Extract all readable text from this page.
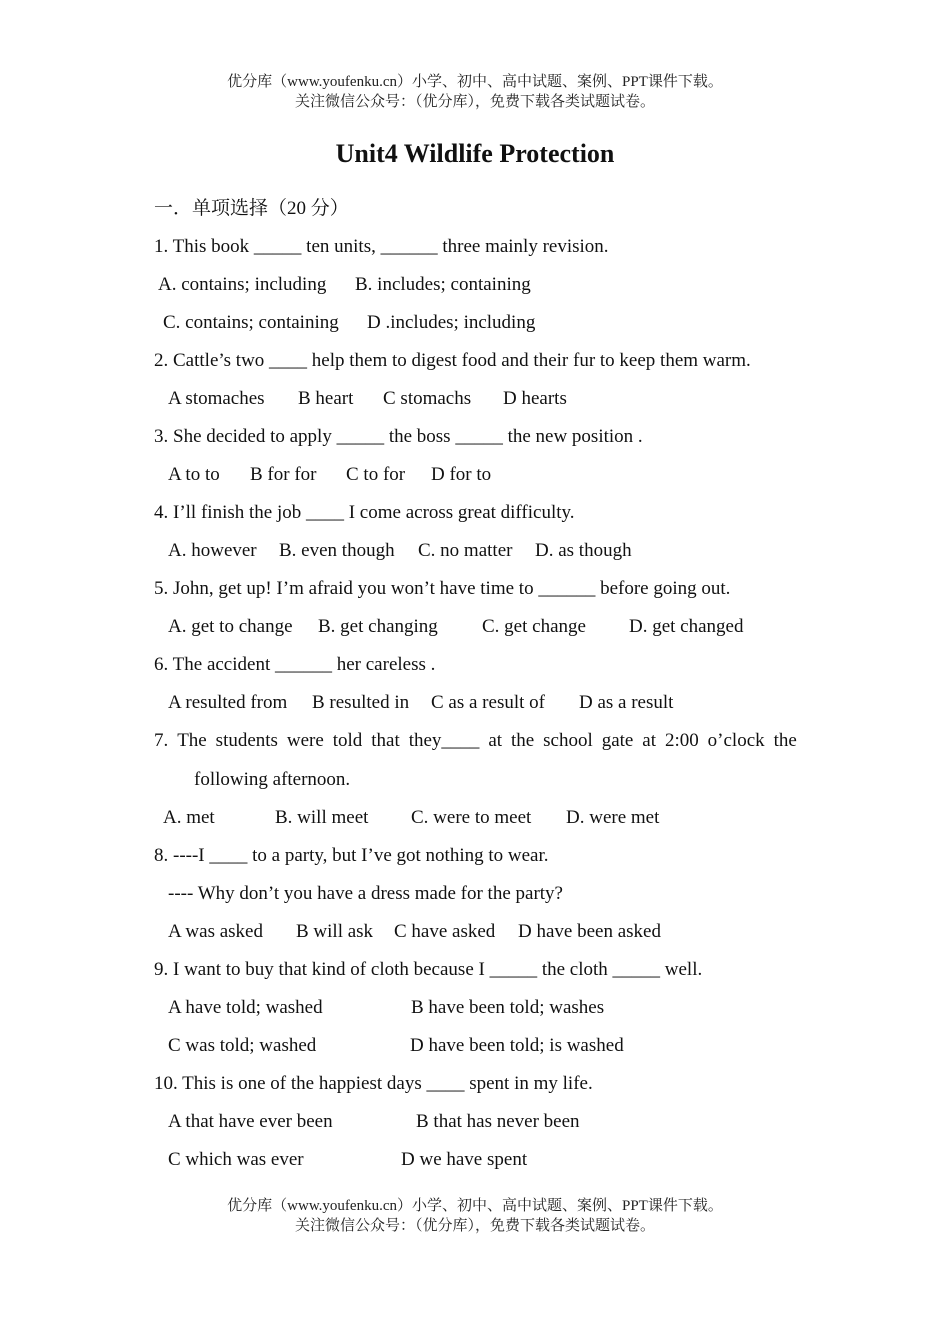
优分库（www.youfenku.cn）小学、初中、高中试题、案例、PPT课件下载。
关注微信公众号：（优分库），免费下载各类试题试卷。
Unit4 Wildlife Protection
一．单项选择（20 分）
1. This book _____ ten units, ______ three mainly revision.
A. contains; including B. includes; containing
C. contains; containing D .includes; including
2. Cattle’s two ____ help them to digest food and their fur to keep them warm.
A stomaches B heart C stomachs D hearts
3. She decided to apply _____ the boss _____ the new position .
A to to B for for C to for D for to
4. I’ll finish the job ____ I come across great difficulty.
A. however B. even though C. no matter D. as though
5. John, get up! I’m afraid you won’t have time to ______ before going out.
A. get to change B. get changing C. get change D. get changed
6. The accident ______ her careless .
A resulted from B resulted in C as a result of D as a result
7. The students were told that they____ at the school gate at 2:00 o’clock the
following afternoon.
A. met	B. will meet C. were to meet D. were met
8. ----I ____ to a party, but I’ve got nothing to wear.
---- Why don’t you have a dress made for the party?
A was asked B will ask C have asked D have been asked
9. I want to buy that kind of cloth because I _____ the cloth _____ well.
A have told; washed	B have been told; washes
C was told; washed	D have been told; is washed
10. This is one of the happiest days ____ spent in my life.
A that have ever been	B that has never been
C which was ever	D we have spent
优分库（www.youfenku.cn）小学、初中、高中试题、案例、PPT课件下载。
关注微信公众号：（优分库），免费下载各类试题试卷。
